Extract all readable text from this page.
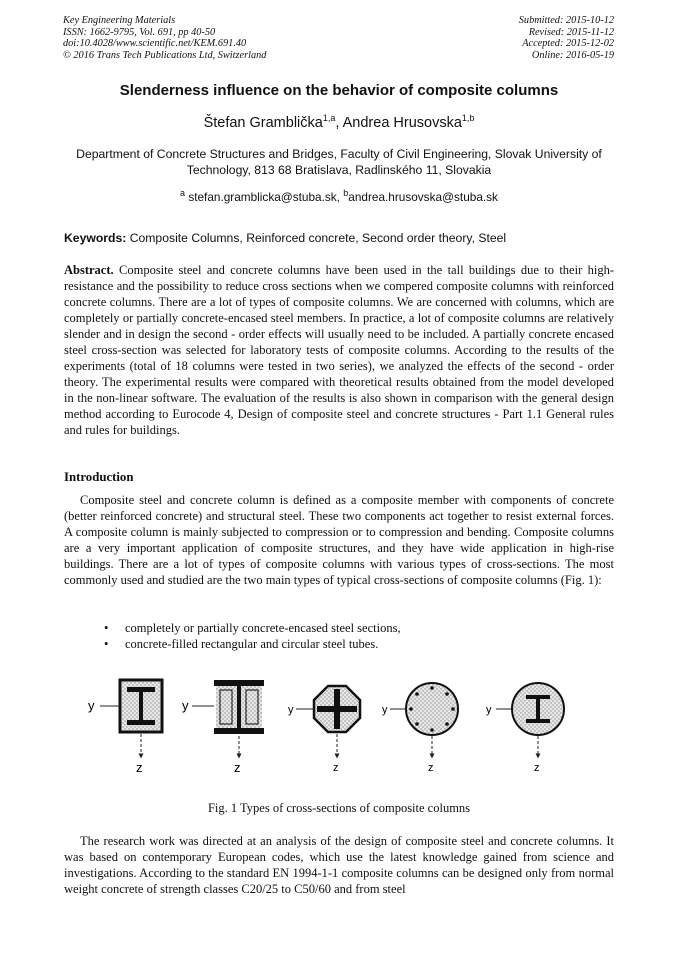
Key Engineering Materials
ISSN: 1662-9795, Vol. 691, pp 40-50
doi:10.4028/www.scientific.net/KEM.691.40
© 2016 Trans Tech Publications Ltd, Switzerland
Submitted: 2015-10-12
Revised: 2015-11-12
Accepted: 2015-12-02
Online: 2016-05-19
Slenderness influence on the behavior of composite columns
Štefan Gramblička$^{1,a}$, Andrea Hrusovska$^{1,b}$
Department of Concrete Structures and Bridges, Faculty of Civil Engineering, Slovak University of Technology, 813 68 Bratislava, Radlinského 11, Slovakia
$^a$ stefan.gramblicka@stuba.sk, $^b$andrea.hrusovska@stuba.sk
Keywords: Composite Columns, Reinforced concrete, Second order theory, Steel
Abstract. Composite steel and concrete columns have been used in the tall buildings due to their high-resistance and the possibility to reduce cross sections when we compered composite columns with reinforced concrete columns. There are a lot of types of composite columns. We are concerned with columns, which are completely or partially concrete-encased steel members. In practice, a lot of composite columns are relatively slender and in design the second - order effects will usually need to be included. A partially concrete encased steel cross-section was selected for laboratory tests of composite columns. According to the results of the experiments (total of 18 columns were tested in two series), we analyzed the effects of the second - order theory. The experimental results were compared with theoretical results obtained from the model developed in the non-linear software. The evaluation of the results is also shown in comparison with the general design method according to Eurocode 4, Design of composite steel and concrete structures - Part 1.1 General rules and rules for buildings.
Introduction
Composite steel and concrete column is defined as a composite member with components of concrete (better reinforced concrete) and structural steel. These two components act together to resist external forces. A composite column is mainly subjected to compression or to compression and bending. Composite columns are a very important application of composite structures, and they have wide application in high-rise buildings. There are a lot of types of composite columns with various types of cross-sections. The most commonly used and studied are the two main types of typical cross-sections of composite columns (Fig. 1):
• completely or partially concrete-encased steel sections,
• concrete-filled rectangular and circular steel tubes.
y
z
y
z
y
z
y
z
y
z
Fig. 1 Types of cross-sections of composite columns
The research work was directed at an analysis of the design of composite steel and concrete columns. It was based on contemporary European codes, which use the latest knowledge gained from science and investigations. According to the standard EN 1994-1-1 composite columns can be designed only from normal weight concrete of strength classes C20/25 to C50/60 and from steel
